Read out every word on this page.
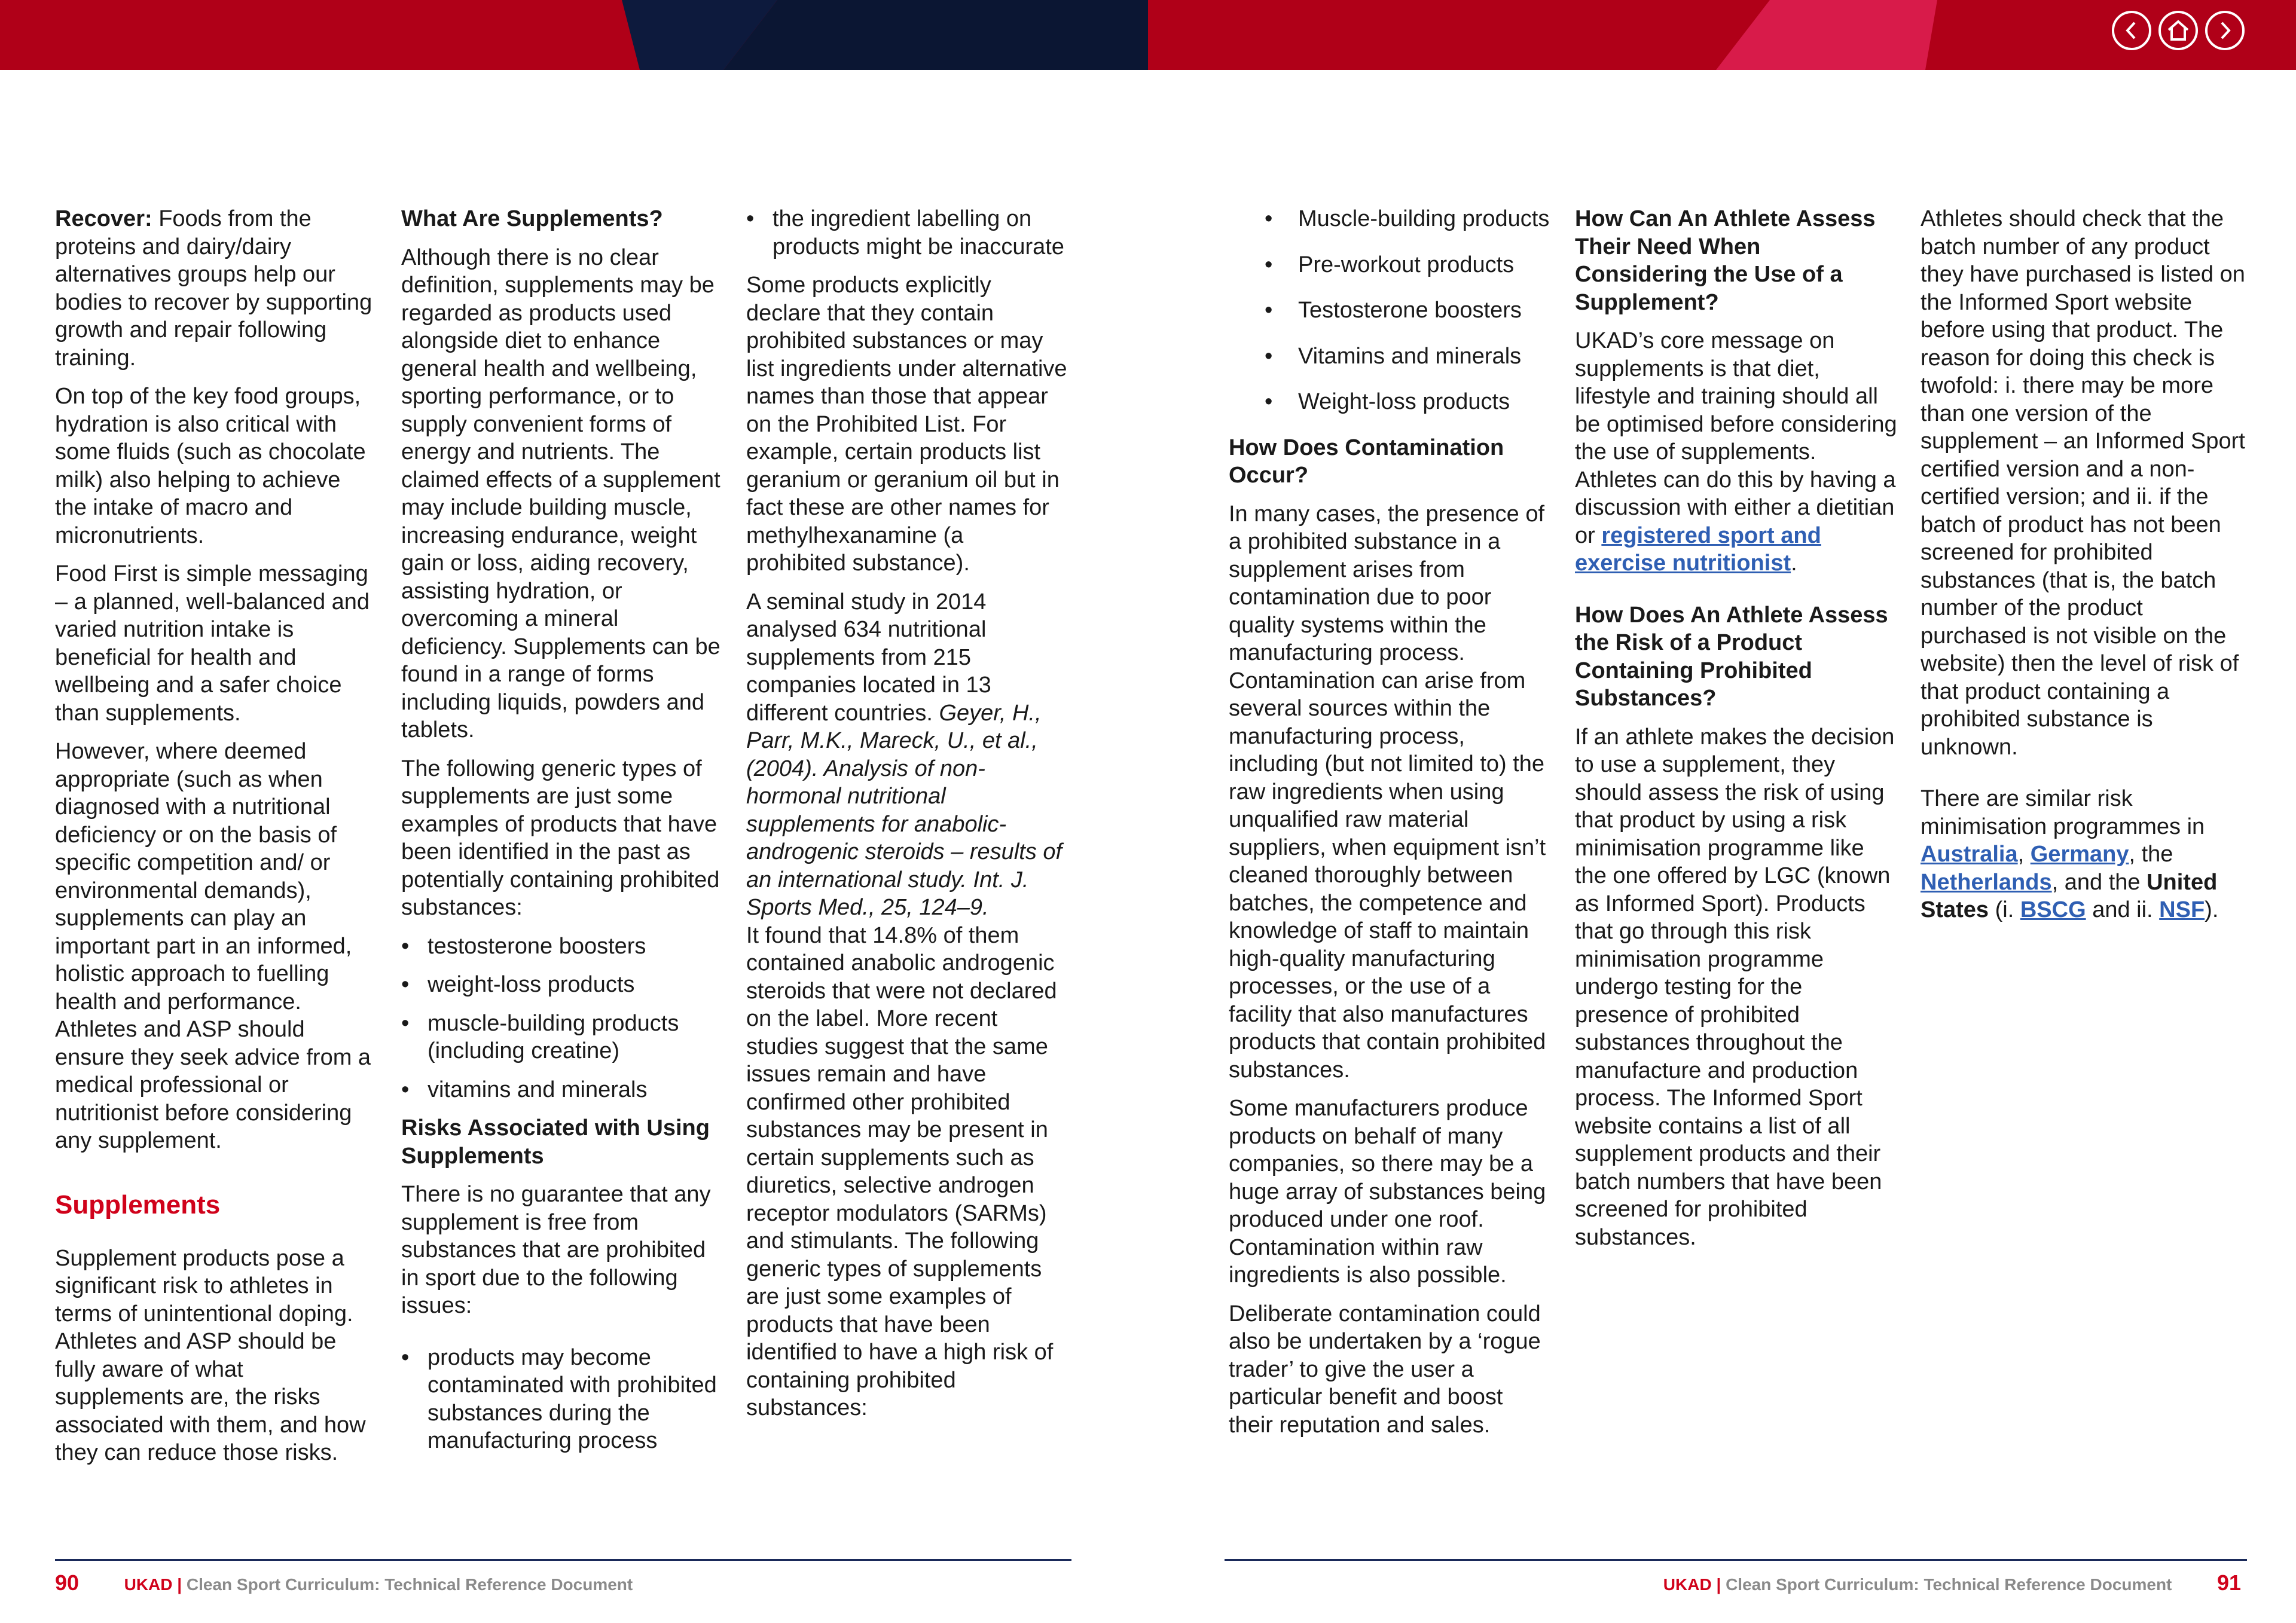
Recover: Foods from the proteins and dairy/dairy alternatives groups help our bodies to recover by supporting growth and repair following training.

On top of the key food groups, hydration is also critical with some fluids (such as chocolate milk) also helping to achieve the intake of macro and micronutrients.

Food First is simple messaging – a planned, well-balanced and varied nutrition intake is beneficial for health and wellbeing and a safer choice than supplements.

However, where deemed appropriate (such as when diagnosed with a nutritional deficiency or on the basis of specific competition and/ or environmental demands), supplements can play an important part in an informed, holistic approach to fuelling health and performance. Athletes and ASP should ensure they seek advice from a medical professional or nutritionist before considering any supplement.

Supplements

Supplement products pose a significant risk to athletes in terms of unintentional doping. Athletes and ASP should be fully aware of what supplements are, the risks associated with them, and how they can reduce those risks.

What Are Supplements?

Although there is no clear definition, supplements may be regarded as products used alongside diet to enhance general health and wellbeing, sporting performance, or to supply convenient forms of energy and nutrients. The claimed effects of a supplement may include building muscle, increasing endurance, weight gain or loss, aiding recovery, assisting hydration, or overcoming a mineral deficiency. Supplements can be found in a range of forms including liquids, powders and tablets.

The following generic types of supplements are just some examples of products that have been identified in the past as potentially containing prohibited substances:

• testosterone boosters
• weight-loss products
• muscle-building products (including creatine)
• vitamins and minerals
Risks Associated with Using Supplements

There is no guarantee that any supplement is free from substances that are prohibited in sport due to the following issues:

• products may become contaminated with prohibited substances during the manufacturing process
• the ingredient labelling on products might be inaccurate

Some products explicitly declare that they contain prohibited substances or may list ingredients under alternative names than those that appear on the Prohibited List. For example, certain products list geranium or geranium oil but in fact these are other names for methylhexanamine (a prohibited substance).

A seminal study in 2014 analysed 634 nutritional supplements from 215 companies located in 13 different countries. Geyer, H., Parr, M.K., Mareck, U., et al., (2004). Analysis of non-hormonal nutritional supplements for anabolic-androgenic steroids – results of an international study. Int. J. Sports Med., 25, 124–9.
It found that 14.8% of them contained anabolic androgenic steroids that were not declared on the label. More recent studies suggest that the same issues remain and have confirmed other prohibited substances may be present in certain supplements such as diuretics, selective androgen receptor modulators (SARMs) and stimulants. The following generic types of supplements are just some examples of products that have been identified to have a high risk of containing prohibited substances:

90	UKAD | Clean Sport Curriculum: Technical Reference Document
• Muscle-building products
• Pre-workout products
• Testosterone boosters
• Vitamins and minerals
• Weight-loss products
How Does Contamination Occur?

In many cases, the presence of a prohibited substance in a supplement arises from contamination due to poor quality systems within the manufacturing process. Contamination can arise from several sources within the manufacturing process, including (but not limited to) the raw ingredients when using unqualified raw material suppliers, when equipment isn’t cleaned thoroughly between batches, the competence and knowledge of staff to maintain high-quality manufacturing processes, or the use of a facility that also manufactures products that contain prohibited substances.

Some manufacturers produce products on behalf of many companies, so there may be a huge array of substances being produced under one roof. Contamination within raw ingredients is also possible.

Deliberate contamination could also be undertaken by a ‘rogue trader’ to give the user a particular benefit and boost their reputation and sales.

How Can An Athlete Assess Their Need When Considering the Use of a Supplement?

UKAD’s core message on supplements is that diet, lifestyle and training should all be optimised before considering the use of supplements. Athletes can do this by having a discussion with either a dietitian or registered sport and exercise nutritionist.

How Does An Athlete Assess the Risk of a Product Containing Prohibited Substances?

If an athlete makes the decision to use a supplement, they should assess the risk of using that product by using a risk minimisation programme like the one offered by LGC (known as Informed Sport). Products that go through this risk minimisation programme undergo testing for the presence of prohibited substances throughout the manufacture and production process. The Informed Sport website contains a list of all supplement products and their batch numbers that have been screened for prohibited substances.

Athletes should check that the batch number of any product they have purchased is listed on the Informed Sport website before using that product. The reason for doing this check is twofold: i. there may be more than one version of the supplement – an Informed Sport certified version and a non-certified version; and ii. if the batch of product has not been screened for prohibited substances (that is, the batch number of the product purchased is not visible on the website) then the level of risk of that product containing a prohibited substance is unknown.

There are similar risk minimisation programmes in Australia, Germany, the Netherlands, and the United States (i. BSCG and ii. NSF).

UKAD | Clean Sport Curriculum: Technical Reference Document 91
